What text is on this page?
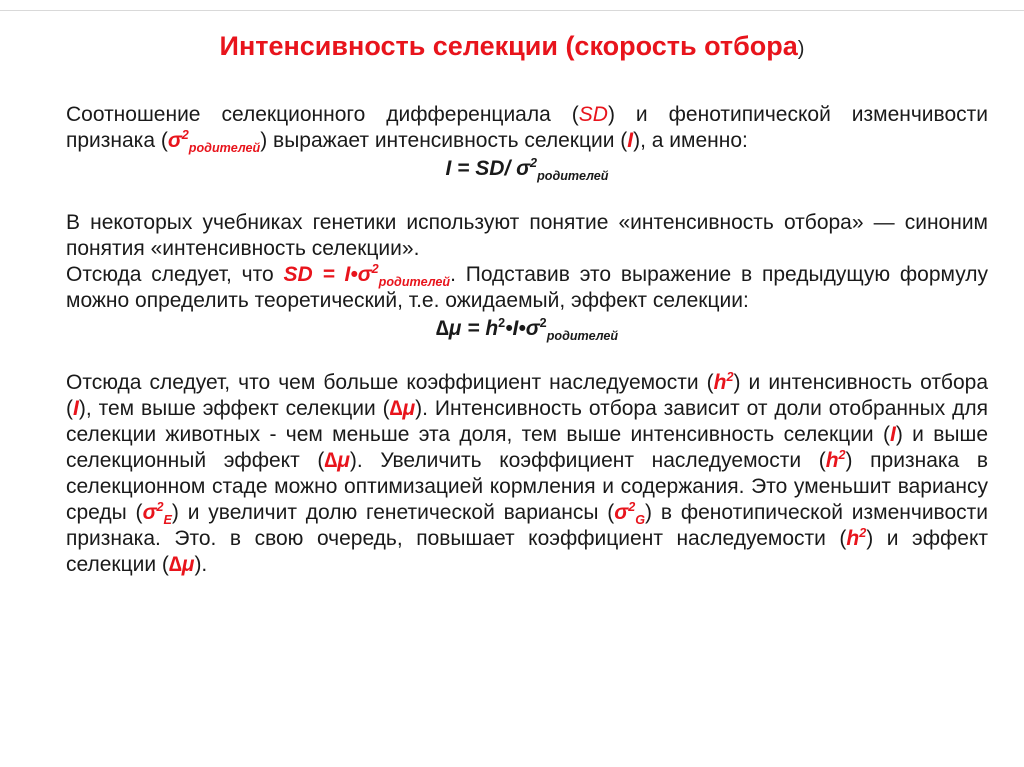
Интенсивность селекции (скорость отбора)

Соотношение селекционного дифференциала (SD) и фенотипической изменчивости признака $(\sigma^2_{родителей})$ выражает интенсивность селекции (I), а именно:

I = SD/ $\sigma^2_{родителей}$

В некоторых учебниках генетики используют понятие «интенсивность отбора» — синоним понятия «интенсивность селекции».

Отсюда следует, что SD = $I•\sigma^2_{родителей}$. Подставив это выражение в предыдущую формулу можно определить теоретический, т.е. ожидаемый, эффект селекции:

$\Delta\mu = h^2•I•\sigma^2_{родителей}$

Отсюда следует, что чем больше коэффициент наследуемости $(h^2)$ и интенсивность отбора (I), тем выше эффект селекции (∆μ). Интенсивность отбора зависит от доли отобранных для селекции животных - чем меньше эта доля, тем выше интенсивность селекции (I) и выше селекционный эффект (∆μ). Увеличить коэффициент наследуемости $(h^2)$ признака в селекционном стаде можно оптимизацией кормления и содержания. Это уменьшит вариансу среды $(\sigma^2_E)$ и увеличит долю генетической вариансы $(\sigma^2_G)$ в фенотипической изменчивости признака. Это. в свою очередь, повышает коэффициент наследуемости $(h^2)$ и эффект селекции (∆μ).
